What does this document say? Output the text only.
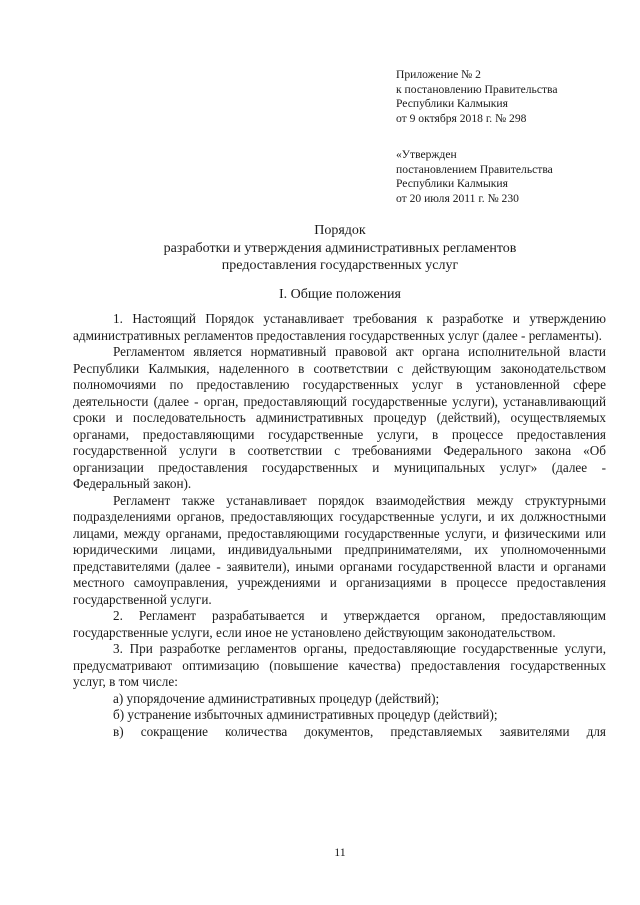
Приложение № 2
к постановлению Правительства
Республики Калмыкия
от 9 октября 2018 г. № 298
«Утвержден
постановлением Правительства
Республики Калмыкия
от 20 июля 2011 г. № 230
Порядок
разработки и утверждения административных регламентов
предоставления государственных услуг
I. Общие положения

1. Настоящий Порядок устанавливает требования к разработке и утверждению административных регламентов предоставления государственных услуг (далее - регламенты).

Регламентом является нормативный правовой акт органа исполнительной власти Республики Калмыкия, наделенного в соответствии с действующим законодательством полномочиями по предоставлению государственных услуг в установленной сфере деятельности (далее - орган, предоставляющий государственные услуги), устанавливающий сроки и последовательность административных процедур (действий), осуществляемых органами, предоставляющими государственные услуги, в процессе предоставления государственной услуги в соответствии с требованиями Федерального закона «Об организации предоставления государственных и муниципальных услуг» (далее - Федеральный закон).

Регламент также устанавливает порядок взаимодействия между структурными подразделениями органов, предоставляющих государственные услуги, и их должностными лицами, между органами, предоставляющими государственные услуги, и физическими или юридическими лицами, индивидуальными предпринимателями, их уполномоченными представителями (далее - заявители), иными органами государственной власти и органами местного самоуправления, учреждениями и организациями в процессе предоставления государственной услуги.

2. Регламент разрабатывается и утверждается органом, предоставляющим государственные услуги, если иное не установлено действующим законодательством.

3. При разработке регламентов органы, предоставляющие государственные услуги, предусматривают оптимизацию (повышение качества) предоставления государственных услуг, в том числе:

а) упорядочение административных процедур (действий);

б) устранение избыточных административных процедур (действий);

в) сокращение количества документов, представляемых заявителями для

11
